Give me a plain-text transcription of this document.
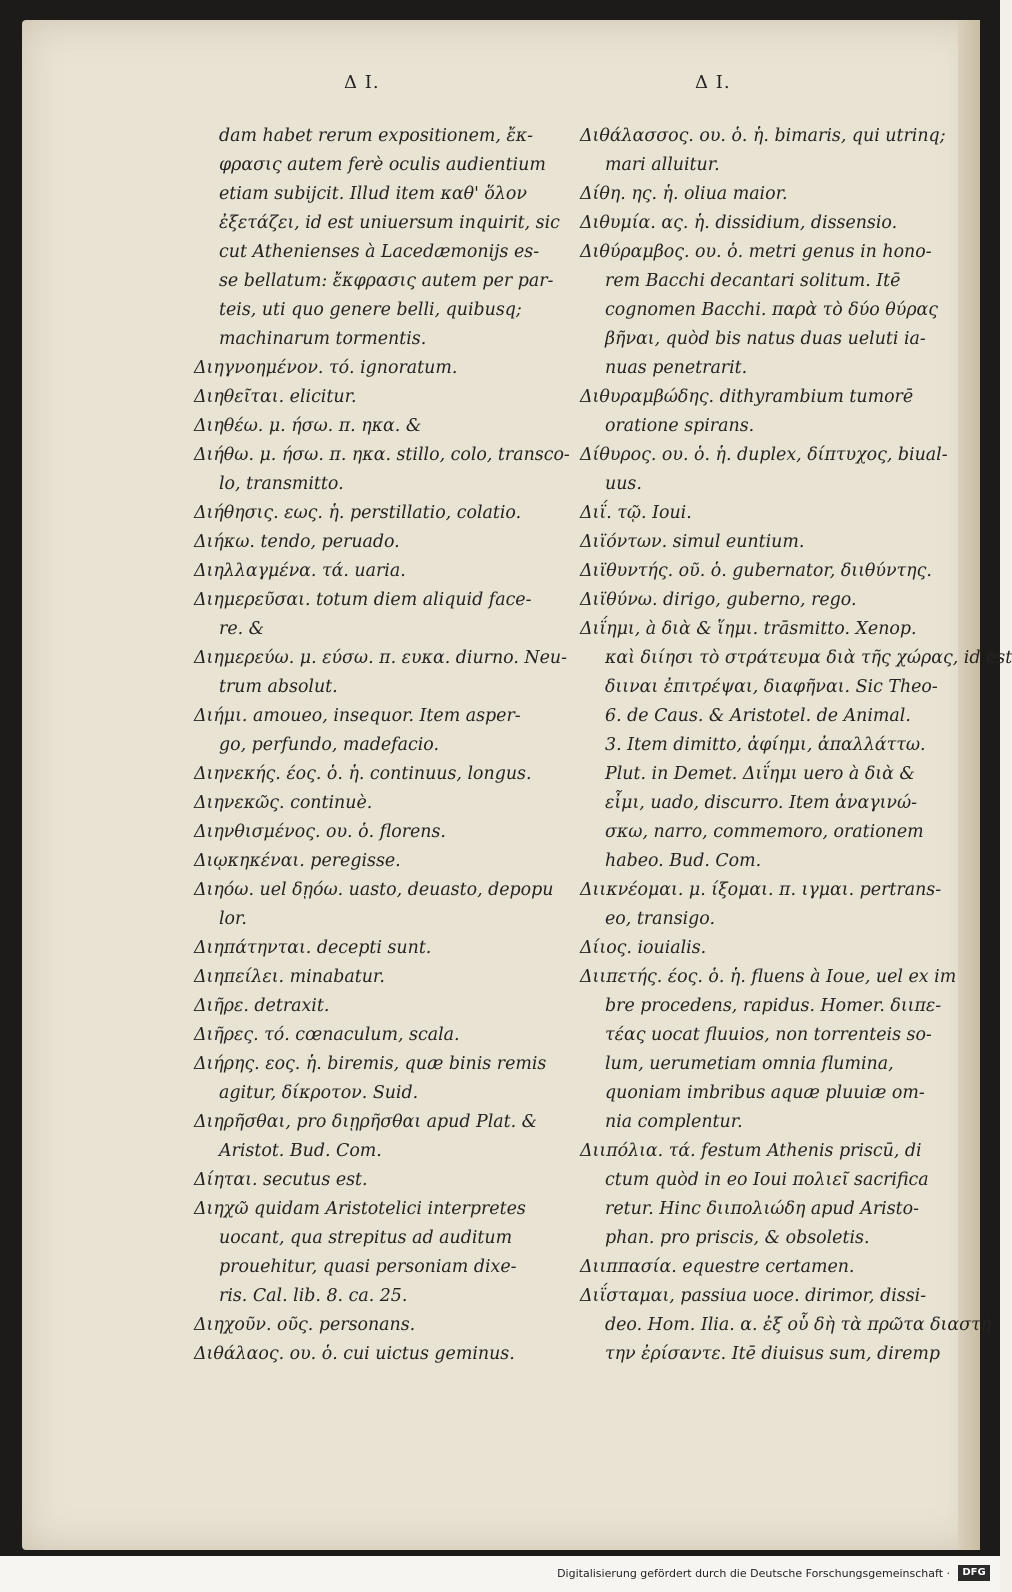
Δ Ι.
dam habet rerum expositionem, ἔκ-
φρασις autem ferè oculis audientium
etiam subijcit. Illud item καθ' ὅλον
ἐξετάζει, id est uniuersum inquirit, sic
cut Athenienses à Lacedæmonijs es-
se bellatum: ἔκφρασις autem per par-
teis, uti quo genere belli, quibusq;
machinarum tormentis.
Διηγνοημένον. τό. ignoratum.
Διηθεῖται. elicitur.
Διηθέω. μ. ήσω. π. ηκα. &
Διήθω. μ. ήσω. π. ηκα. stillo, colo, transco-
lo, transmitto.
Διήθησις. εως. ἡ. perstillatio, colatio.
Διήκω. tendo, peruado.
Διηλλαγμένα. τά. uaria.
Διημερεῦσαι. totum diem aliquid face-
re. &
Διημερεύω. μ. εύσω. π. ευκα. diurno. Neu-
trum absolut.
Διήμι. amoueo, insequor. Item asper-
go, perfundo, madefacio.
Διηνεκής. έος. ὁ. ἡ. continuus, longus.
Διηνεκῶς. continuè.
Διηνθισμένος. ου. ὁ. florens.
Διῳκηκέναι. peregisse.
Διηόω. uel δῃόω. uasto, deuasto, depopu
lor.
Διηπάτηνται. decepti sunt.
Διηπείλει. minabatur.
Διῆρε. detraxit.
Διῆρες. τό. cœnaculum, scala.
Διήρης. εος. ἡ. biremis, quæ binis remis
agitur, δίκροτον. Suid.
Διηρῆσθαι, pro διῃρῆσθαι apud Plat. &
Aristot. Bud. Com.
Δίηται. secutus est.
Διηχῶ quidam Aristotelici interpretes
uocant, qua strepitus ad auditum
prouehitur, quasi personiam dixe-
ris. Cal. lib. 8. ca. 25.
Διηχοῦν. οῦς. personans.
Διθάλαος. ου. ὁ. cui uictus geminus.
Δ Ι.
Διθάλασσος. ου. ὁ. ἡ. bimaris, qui utrinq;
mari alluitur.
Δίθη. ης. ἡ. oliua maior.
Διθυμία. ας. ἡ. dissidium, dissensio.
Διθύραμβος. ου. ὁ. metri genus in hono-
rem Bacchi decantari solitum. Itē
cognomen Bacchi. παρὰ τὸ δύο θύρας
βῆναι, quòd bis natus duas ueluti ia-
nuas penetrarit.
Διθυραμβώδης. dithyrambium tumorē
oratione spirans.
Δίθυρος. ου. ὁ. ἡ. duplex, δίπτυχος, biual-
uus.
Διΐ. τῷ. Ioui.
Διϊόντων. simul euntium.
Διϊθυντής. οῦ. ὁ. gubernator, διιθύντης.
Διϊθύνω. dirigo, guberno, rego.
Διΐημι, à διὰ & ἵημι. trāsmitto. Xenop.
καὶ διίησι τὸ στράτευμα διὰ τῆς χώρας, id est
διιναι ἐπιτρέψαι, διαφῆναι. Sic Theo-
6. de Caus. & Aristotel. de Animal.
3. Item dimitto, ἀφίημι, ἀπαλλάττω.
Plut. in Demet. Διΐημι uero à διὰ &
εἶμι, uado, discurro. Item ἀναγινώ-
σκω, narro, commemoro, orationem
habeo. Bud. Com.
Διικνέομαι. μ. ίξομαι. π. ιγμαι. pertrans-
eo, transigo.
Δίιος. iouialis.
Διιπετής. έος. ὁ. ἡ. fluens à Ioue, uel ex im
bre procedens, rapidus. Homer. διιπε-
τέας uocat fluuios, non torrenteis so-
lum, uerumetiam omnia flumina,
quoniam imbribus aquæ pluuiæ om-
nia complentur.
Διιπόλια. τά. festum Athenis priscū, di
ctum quòd in eo Ioui πολιεῖ sacrifica
retur. Hinc διιπολιώδη apud Aristo-
phan. pro priscis, & obsoletis.
Διιππασία. equestre certamen.
Διΐσταμαι, passiua uoce. dirimor, dissi-
deo. Hom. Ilia. α. ἐξ οὗ δὴ τὰ πρῶτα διαστή
την ἐρίσαντε. Itē diuisus sum, diremp
Digitalisierung gefördert durch die Deutsche Forschungsgemeinschaft ·	DFG
